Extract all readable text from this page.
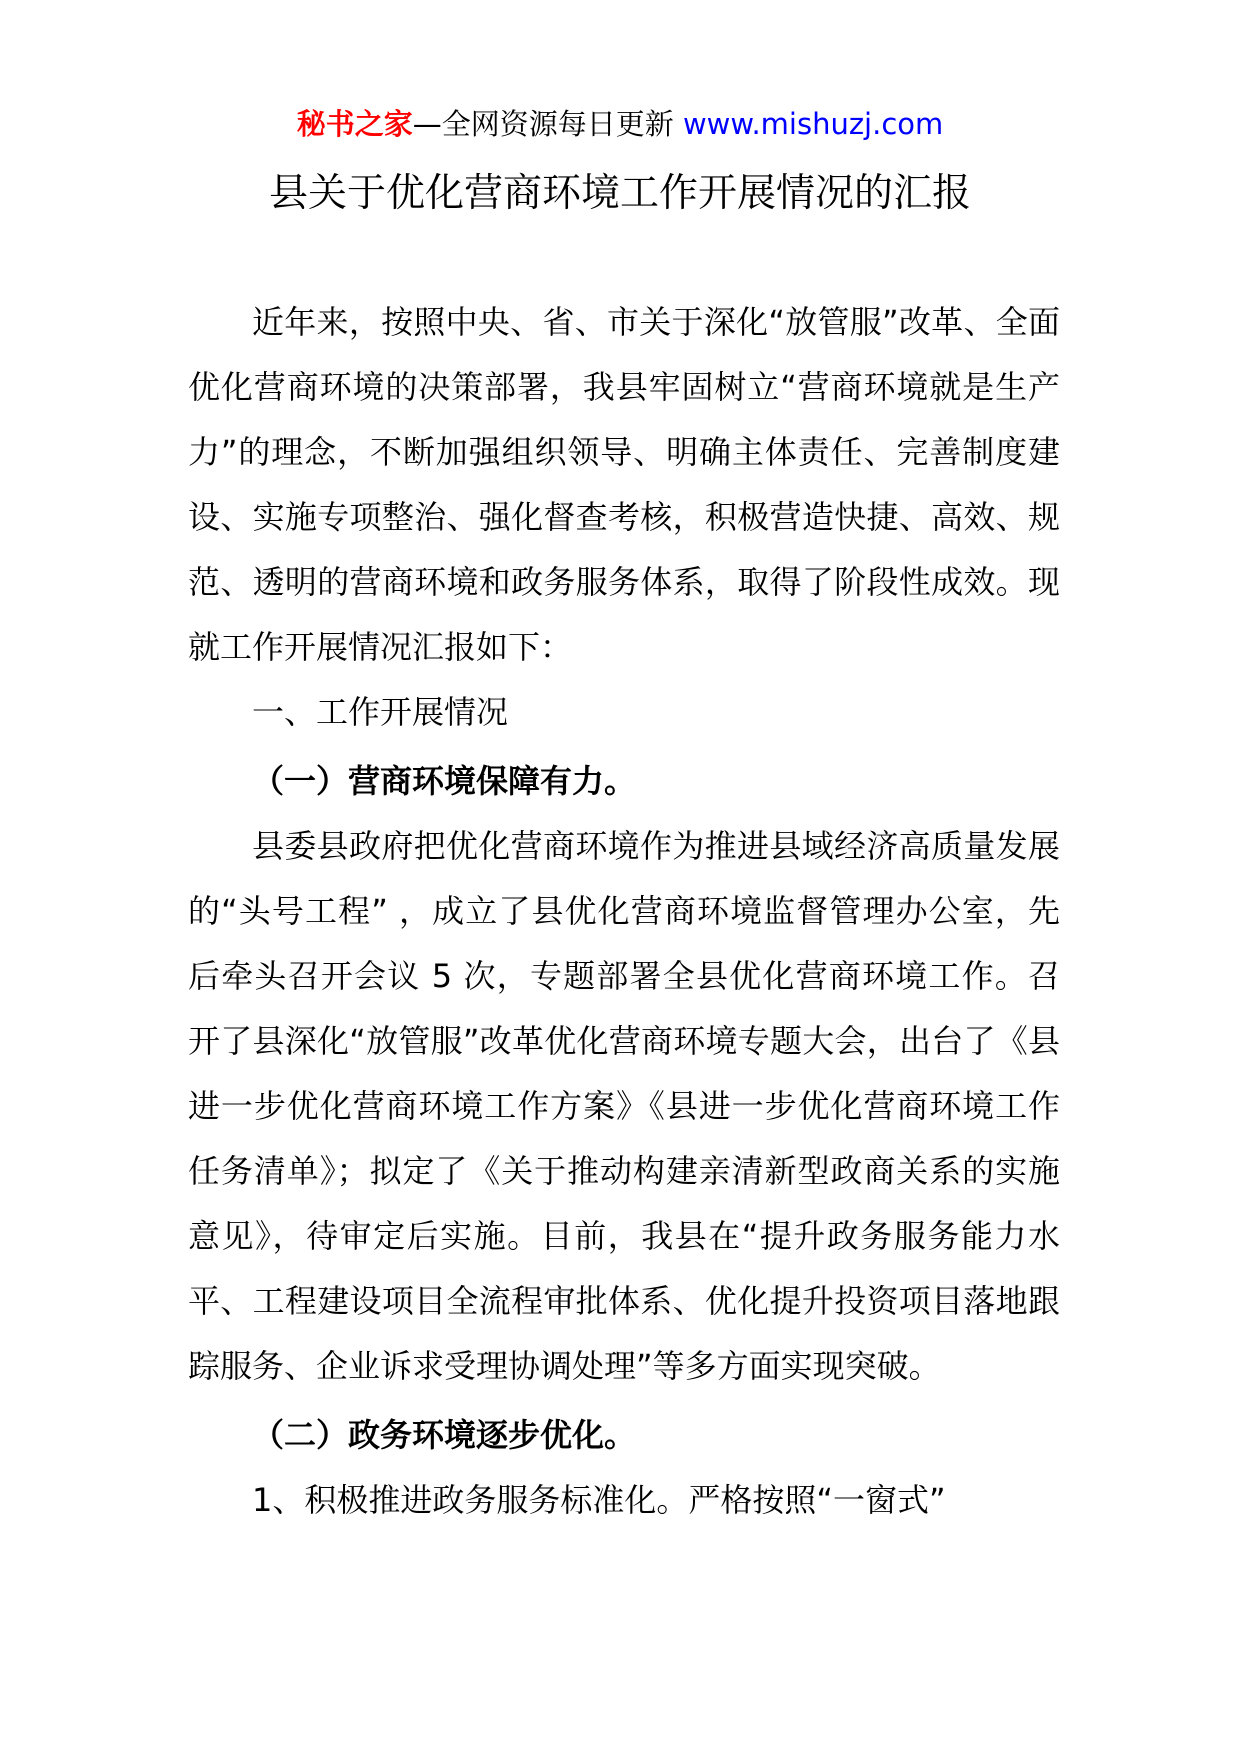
秘书之家—全网资源每日更新 www.mishuzj.com
县关于优化营商环境工作开展情况的汇报

近年来，按照中央、省、市关于深化“放管服”改革、全面优化营商环境的决策部署，我县牢固树立“营商环境就是生产力”的理念，不断加强组织领导、明确主体责任、完善制度建设、实施专项整治、强化督查考核，积极营造快捷、高效、规范、透明的营商环境和政务服务体系，取得了阶段性成效。现就工作开展情况汇报如下：

一、工作开展情况

（一）营商环境保障有力。

县委县政府把优化营商环境作为推进县域经济高质量发展的“头号工程” ，成立了县优化营商环境监督管理办公室，先后牵头召开会议 5 次，专题部署全县优化营商环境工作。召开了县深化“放管服”改革优化营商环境专题大会，出台了《县进一步优化营商环境工作方案》《县进一步优化营商环境工作任务清单》；拟定了《关于推动构建亲清新型政商关系的实施意见》，待审定后实施。目前，我县在“提升政务服务能力水平、工程建设项目全流程审批体系、优化提升投资项目落地跟踪服务、企业诉求受理协调处理”等多方面实现突破。

（二）政务环境逐步优化。

1、积极推进政务服务标准化。严格按照“一窗式”
